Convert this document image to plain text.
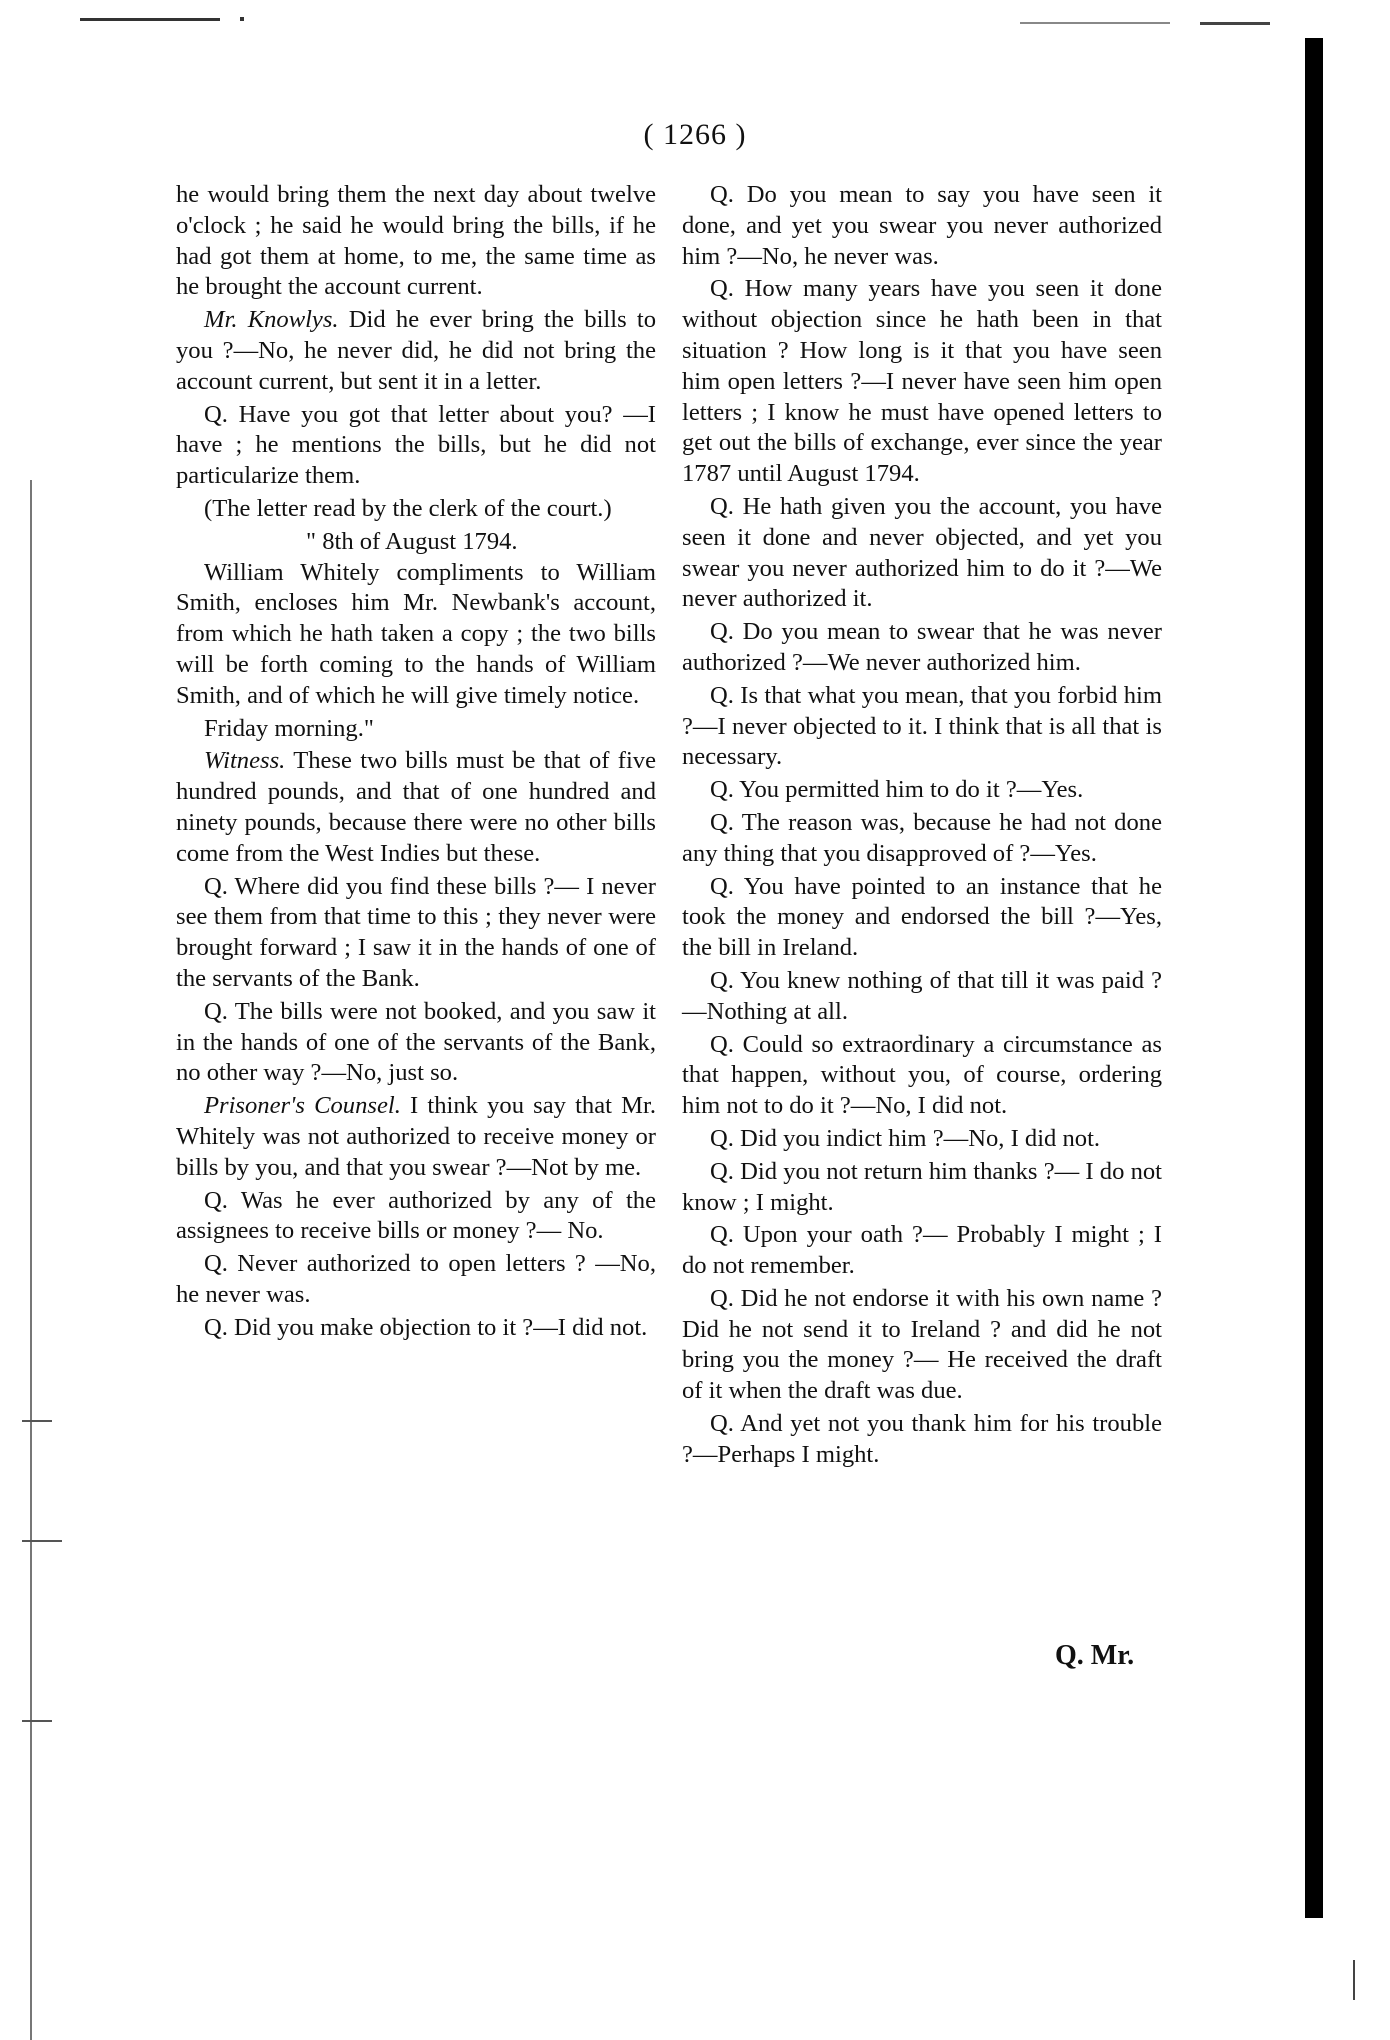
( 1266 )

he would bring them the next day about twelve o'clock ; he said he would bring the bills, if he had got them at home, to me, the same time as he brought the account current.

Mr. Knowlys. Did he ever bring the bills to you ?—No, he never did, he did not bring the account current, but sent it in a letter.

Q. Have you got that letter about you? —I have ; he mentions the bills, but he did not particularize them.

(The letter read by the clerk of the court.)

" 8th of August 1794.

William Whitely compliments to William Smith, encloses him Mr. Newbank's account, from which he hath taken a copy ; the two bills will be forth coming to the hands of William Smith, and of which he will give timely notice.

Friday morning."

Witness. These two bills must be that of five hundred pounds, and that of one hundred and ninety pounds, because there were no other bills come from the West Indies but these.

Q. Where did you find these bills ?— I never see them from that time to this ; they never were brought forward ; I saw it in the hands of one of the servants of the Bank.

Q. The bills were not booked, and you saw it in the hands of one of the servants of the Bank, no other way ?—No, just so.

Prisoner's Counsel. I think you say that Mr. Whitely was not authorized to receive money or bills by you, and that you swear ?—Not by me.

Q. Was he ever authorized by any of the assignees to receive bills or money ?— No.

Q. Never authorized to open letters ? —No, he never was.

Q. Did you make objection to it ?—I did not.

Q. Do you mean to say you have seen it done, and yet you swear you never authorized him ?—No, he never was.

Q. How many years have you seen it done without objection since he hath been in that situation ? How long is it that you have seen him open letters ?—I never have seen him open letters ; I know he must have opened letters to get out the bills of exchange, ever since the year 1787 until August 1794.

Q. He hath given you the account, you have seen it done and never objected, and yet you swear you never authorized him to do it ?—We never authorized it.

Q. Do you mean to swear that he was never authorized ?—We never authorized him.

Q. Is that what you mean, that you forbid him ?—I never objected to it. I think that is all that is necessary.

Q. You permitted him to do it ?—Yes.

Q. The reason was, because he had not done any thing that you disapproved of ?—Yes.

Q. You have pointed to an instance that he took the money and endorsed the bill ?—Yes, the bill in Ireland.

Q. You knew nothing of that till it was paid ?—Nothing at all.

Q. Could so extraordinary a circumstance as that happen, without you, of course, ordering him not to do it ?—No, I did not.

Q. Did you indict him ?—No, I did not.

Q. Did you not return him thanks ?— I do not know ; I might.

Q. Upon your oath ?— Probably I might ; I do not remember.

Q. Did he not endorse it with his own name ? Did he not send it to Ireland ? and did he not bring you the money ?— He received the draft of it when the draft was due.

Q. And yet not you thank him for his trouble ?—Perhaps I might.

Q. Mr.
